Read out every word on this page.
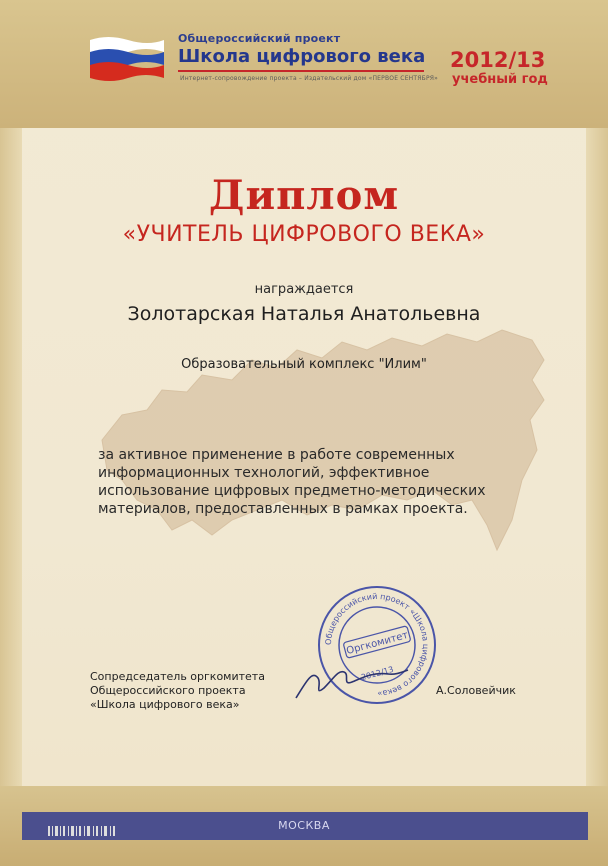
Общероссийский проект
Школа цифрового века
Интернет-сопровождение проекта – Издательский дом «ПЕРВОЕ СЕНТЯБРЯ»
2012/13
учебный год
Диплом
«УЧИТЕЛЬ ЦИФРОВОГО ВЕКА»
награждается
Золотарская Наталья Анатольевна
Образовательный комплекс "Илим"
за активное применение в работе современных информационных технологий, эффективное использование цифровых предметно-методических материалов, предоставленных в рамках проекта.
Сопредседатель оргкомитета
Общероссийского проекта
«Школа цифрового века»
А.Соловейчик
Общероссийский проект «Школа цифрового века»
Оргкомитет
2012/13
МОСКВА
